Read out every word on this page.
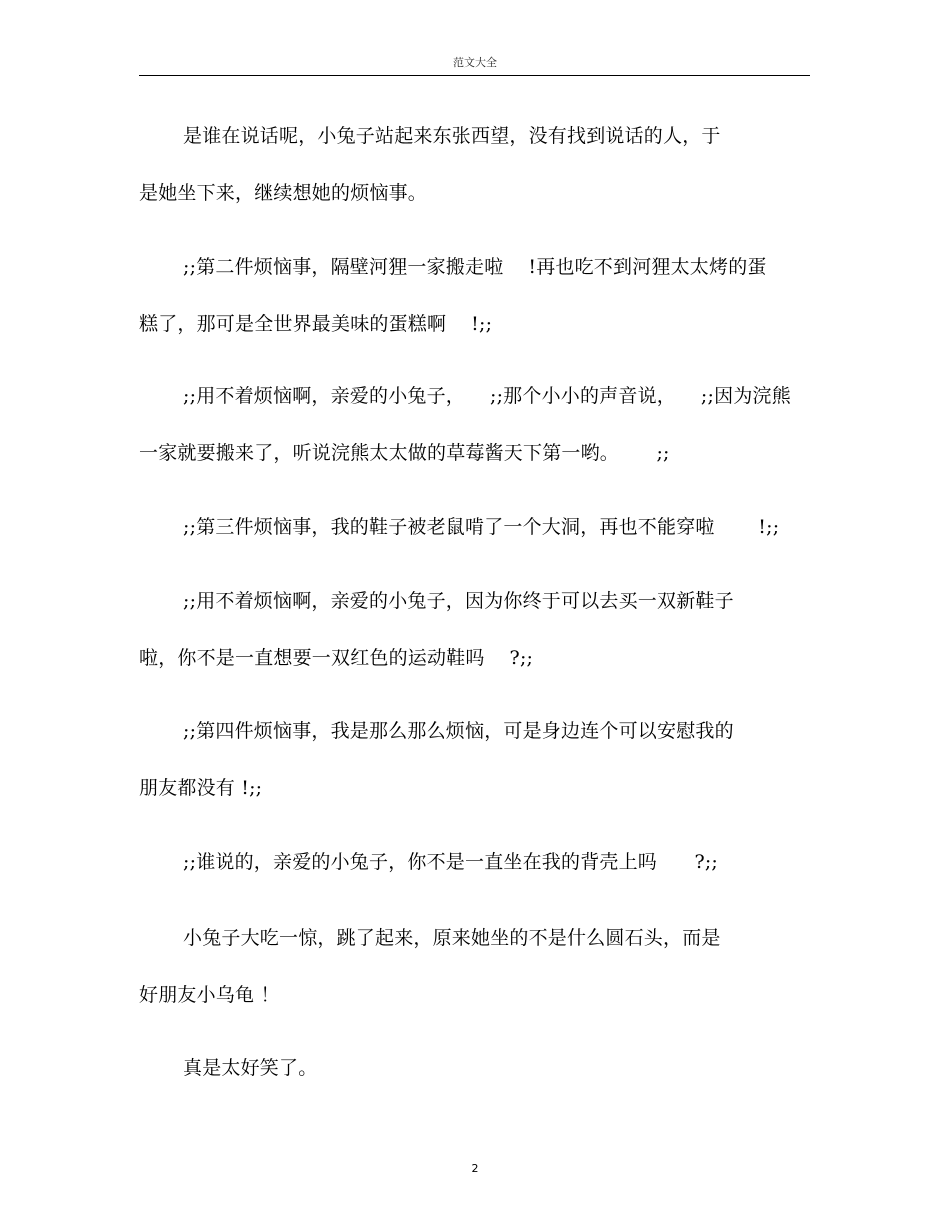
范文大全
是谁在说话呢，小兔子站起来东张西望，没有找到说话的人，于
是她坐下来，继续想她的烦恼事。
;;第二件烦恼事，隔壁河狸一家搬走啦    !再也吃不到河狸太太烤的蛋
糕了，那可是全世界最美味的蛋糕啊    !;;
;;用不着烦恼啊，亲爱的小兔子，    ;;那个小小的声音说，    ;;因为浣熊
一家就要搬来了，听说浣熊太太做的草莓酱天下第一哟。      ;;
;;第三件烦恼事，我的鞋子被老鼠啃了一个大洞，再也不能穿啦       !;;
;;用不着烦恼啊，亲爱的小兔子，因为你终于可以去买一双新鞋子
啦，你不是一直想要一双红色的运动鞋吗    ?;;
;;第四件烦恼事，我是那么那么烦恼，可是身边连个可以安慰我的
朋友都没有 !;;
;;谁说的，亲爱的小兔子，你不是一直坐在我的背壳上吗      ?;;
小兔子大吃一惊，跳了起来，原来她坐的不是什么圆石头，而是
好朋友小乌龟 ！
真是太好笑了。
2
